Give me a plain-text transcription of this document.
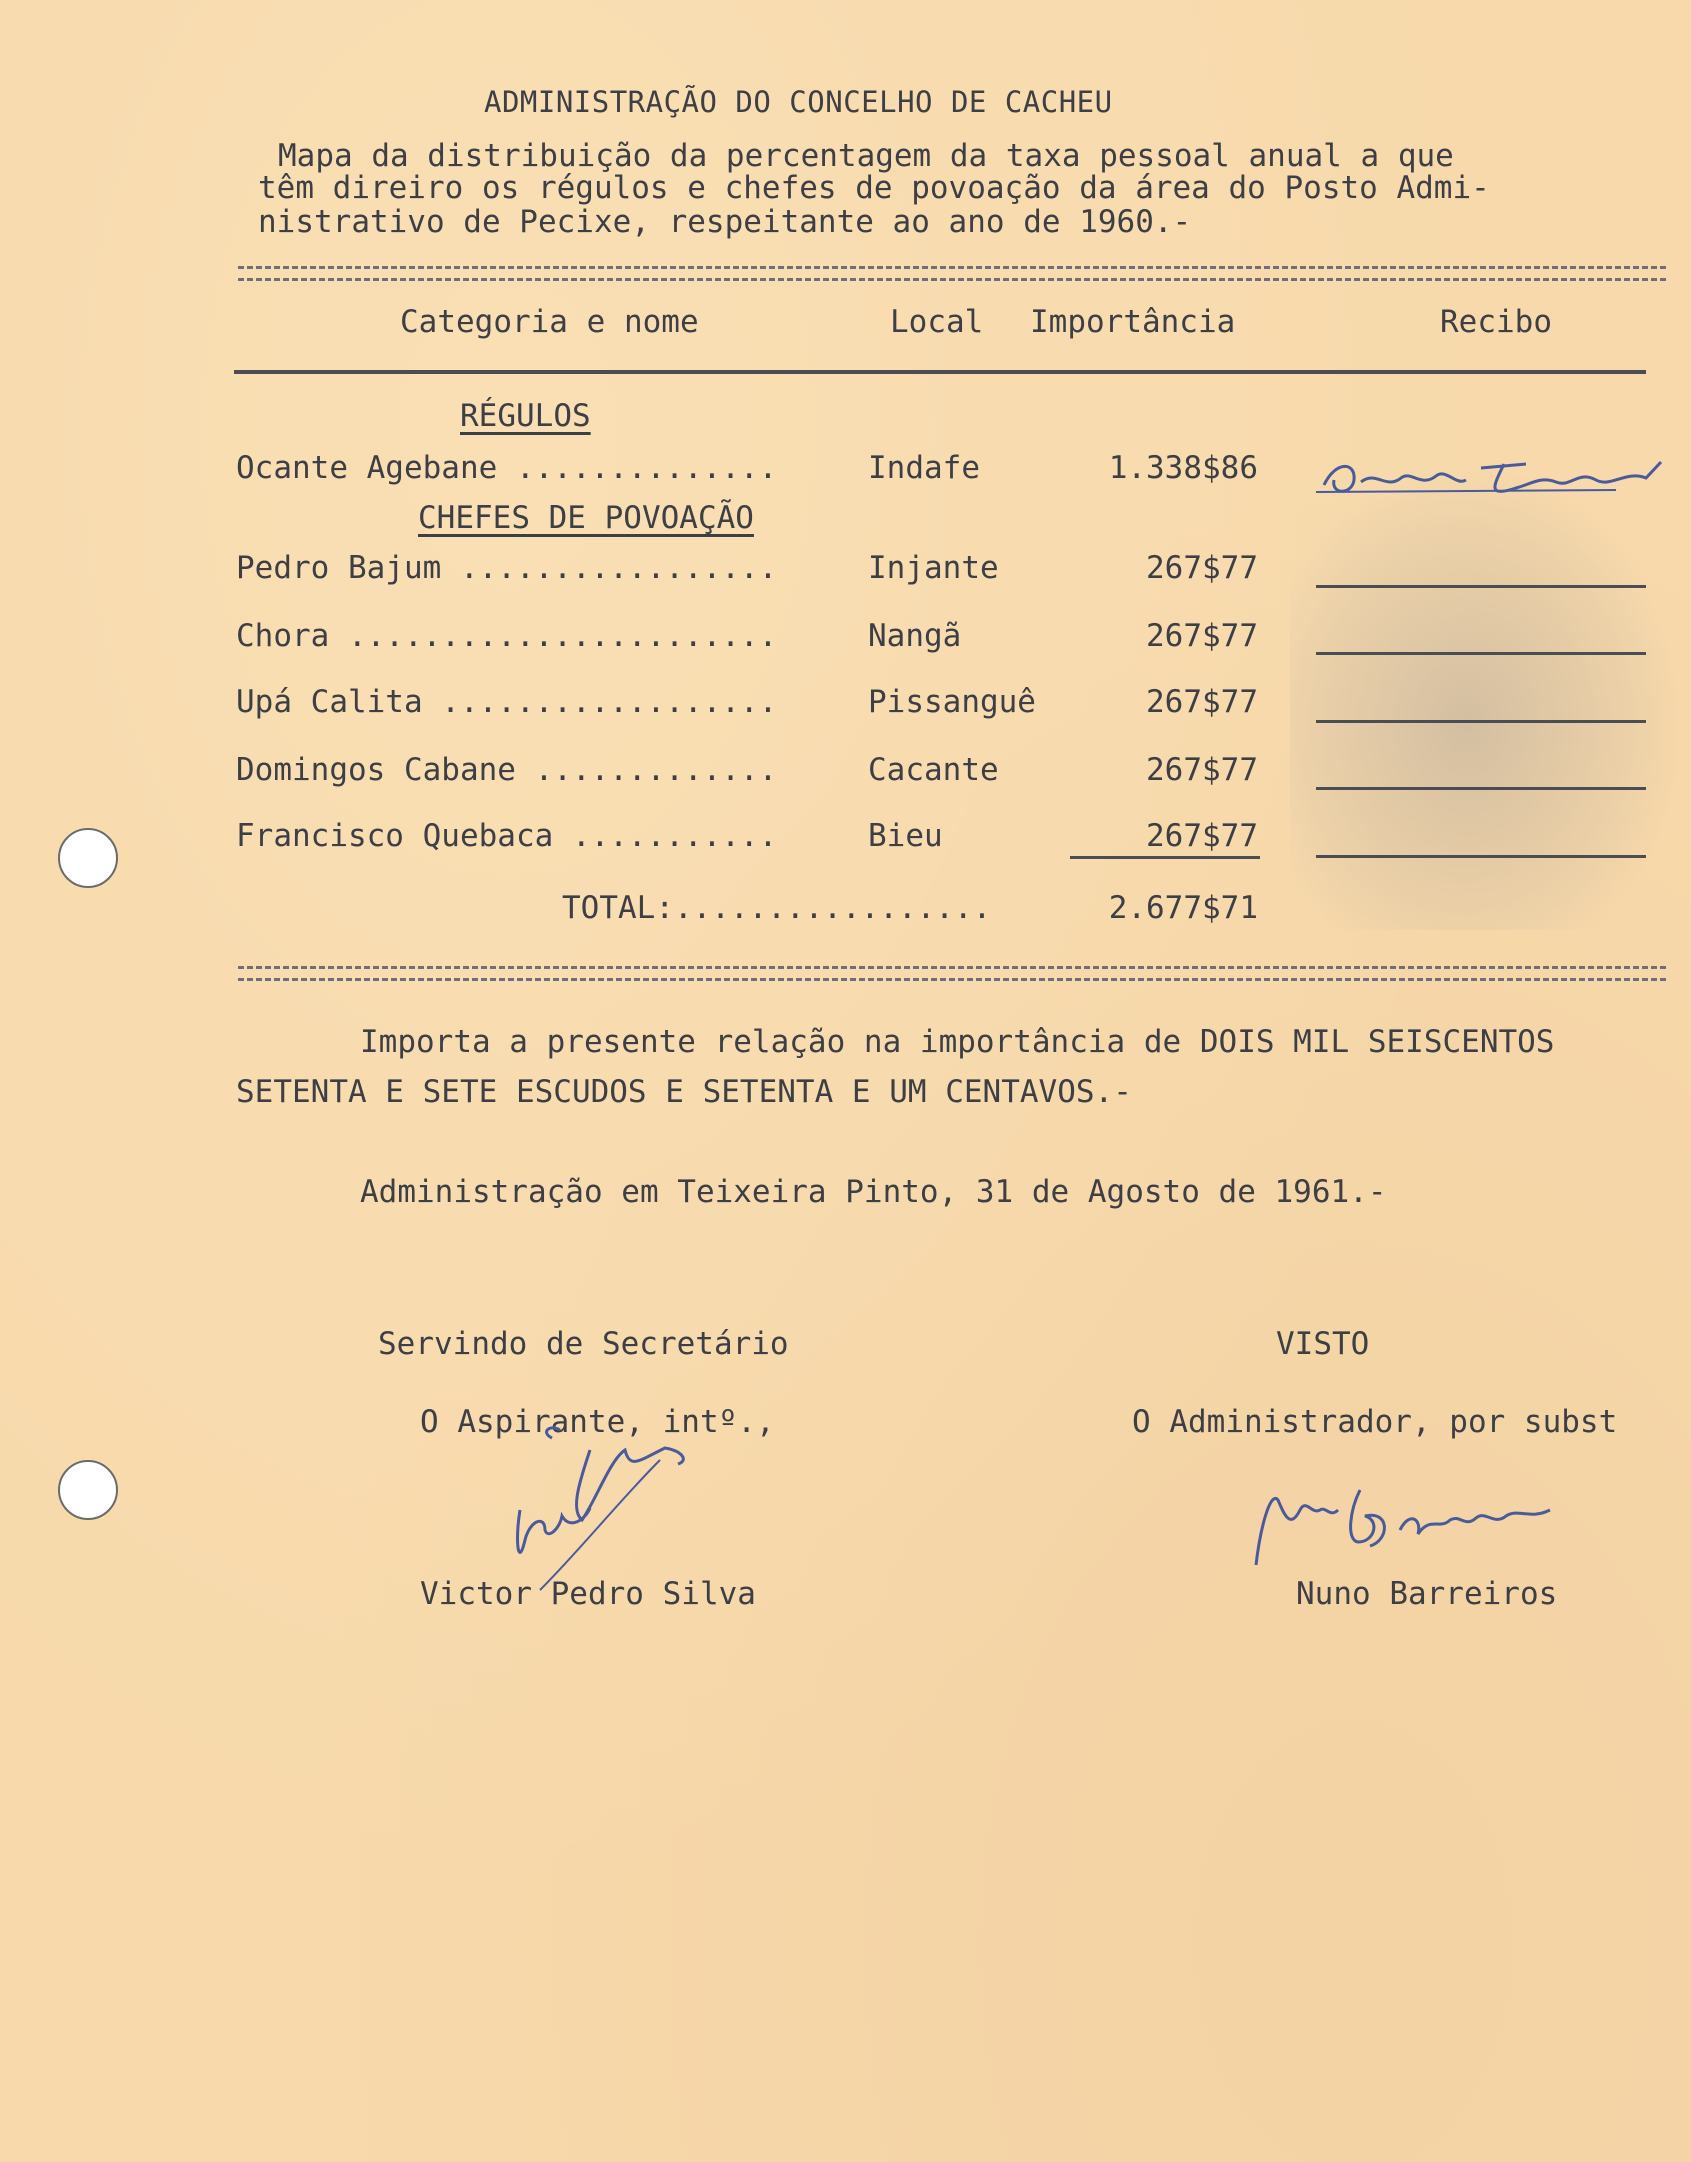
ADMINISTRAÇÃO DO CONCELHO DE CACHEU
Mapa da distribuição da percentagem da taxa pessoal anual a que
têm direiro os régulos e chefes de povoação da área do Posto Admi-
nistrativo de Pecixe, respeitante ao ano de 1960.-
Categoria e nome	Local Importância	Recibo
RÉGULOS
Ocante Agebane ..............	Indafe	1.338$86
CHEFES DE POVOAÇÃO
Pedro Bajum .................	Injante	267$77
Chora .......................	Nangã	267$77
Upá Calita ..................	Pissanguê	267$77
Domingos Cabane .............	Cacante	267$77
Francisco Quebaca ...........	Bieu	267$77
TOTAL:.................	2.677$71
Importa a presente relação na importância de DOIS MIL SEISCENTOS
SETENTA E SETE ESCUDOS E SETENTA E UM CENTAVOS.-
Administração em Teixeira Pinto, 31 de Agosto de 1961.-
Servindo de Secretário	VISTO
O Aspirante, intº.,	O Administrador, por subst
Victor Pedro Silva	Nuno Barreiros
